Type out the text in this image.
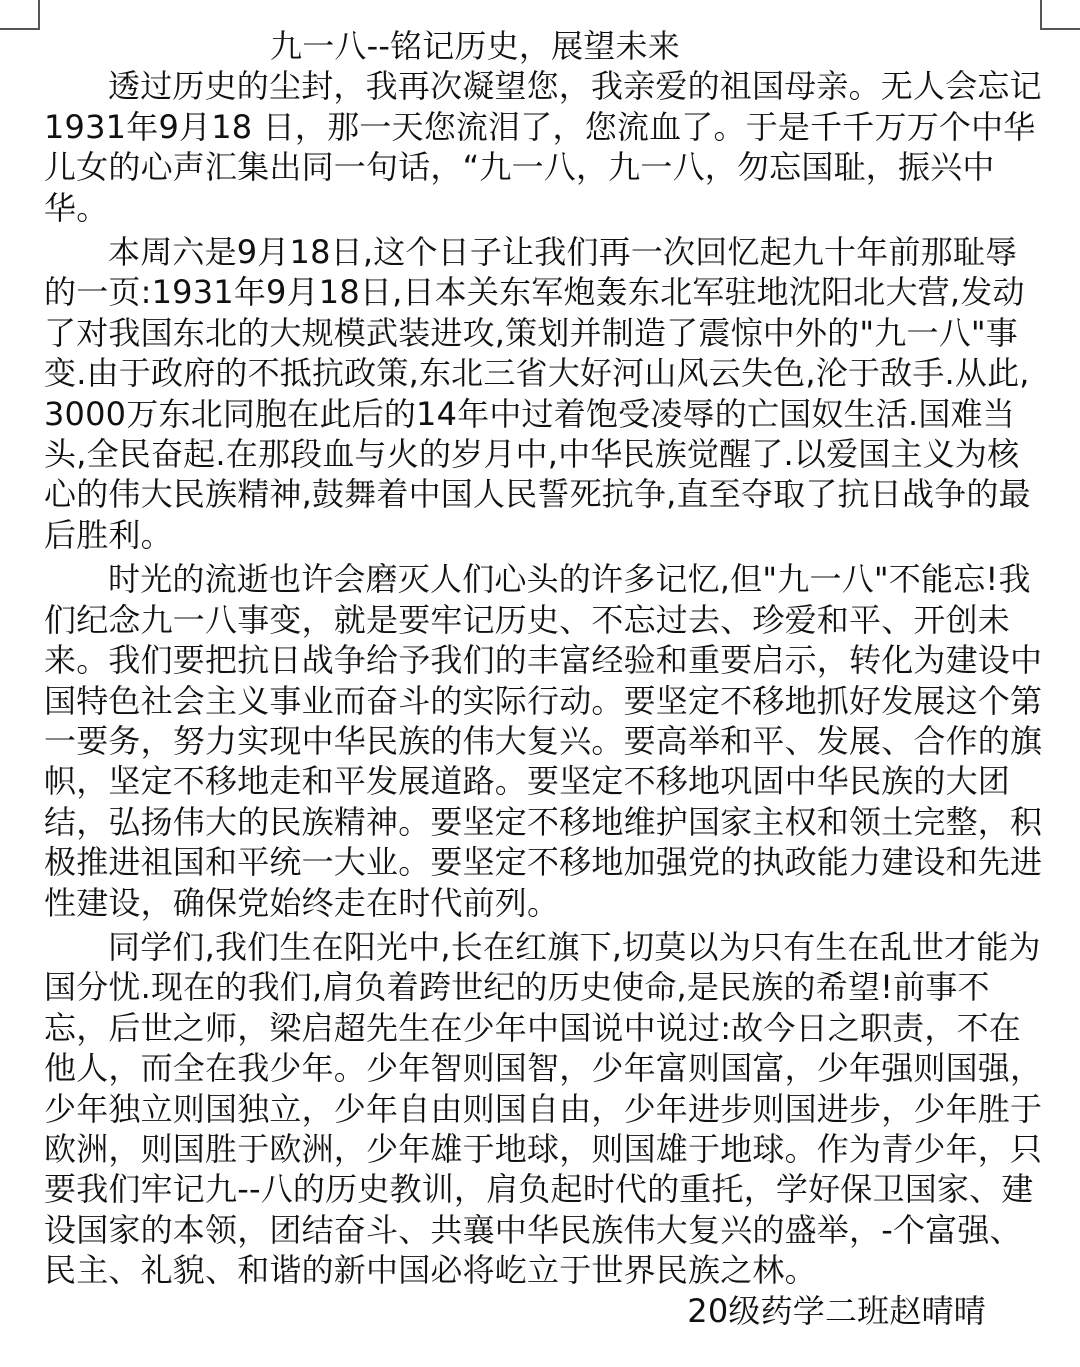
九一八--铭记历史，展望未来

透过历史的尘封，我再次凝望您，我亲爱的祖国母亲。无人会忘记1931年9月18 日，那一天您流泪了，您流血了。于是千千万万个中华儿女的心声汇集出同一句话，“九一八，九一八，勿忘国耻，振兴中华。

本周六是9月18日,这个日子让我们再一次回忆起九十年前那耻辱的一页:1931年9月18日,日本关东军炮轰东北军驻地沈阳北大营,发动了对我国东北的大规模武装进攻,策划并制造了震惊中外的"九一八"事变.由于政府的不抵抗政策,东北三省大好河山风云失色,沦于敌手.从此,3000万东北同胞在此后的14年中过着饱受凌辱的亡国奴生活.国难当头,全民奋起.在那段血与火的岁月中,中华民族觉醒了.以爱国主义为核心的伟大民族精神,鼓舞着中国人民誓死抗争,直至夺取了抗日战争的最后胜利。

时光的流逝也许会磨灭人们心头的许多记忆,但"九一八"不能忘!我们纪念九一八事变，就是要牢记历史、不忘过去、珍爱和平、开创未来。我们要把抗日战争给予我们的丰富经验和重要启示，转化为建设中国特色社会主义事业而奋斗的实际行动。要坚定不移地抓好发展这个第一要务，努力实现中华民族的伟大复兴。要高举和平、发展、合作的旗帜，坚定不移地走和平发展道路。要坚定不移地巩固中华民族的大团结，弘扬伟大的民族精神。要坚定不移地维护国家主权和领土完整，积极推进祖国和平统一大业。要坚定不移地加强党的执政能力建设和先进性建设，确保党始终走在时代前列。

同学们,我们生在阳光中,长在红旗下,切莫以为只有生在乱世才能为国分忧.现在的我们,肩负着跨世纪的历史使命,是民族的希望!前事不忘，后世之师，梁启超先生在少年中国说中说过:故今日之职责，不在他人，而全在我少年。少年智则国智，少年富则国富，少年强则国强，少年独立则国独立，少年自由则国自由，少年进步则国进步，少年胜于欧洲，则国胜于欧洲，少年雄于地球，则国雄于地球。作为青少年，只要我们牢记九--八的历史教训，肩负起时代的重托，学好保卫国家、建设国家的本领，团结奋斗、共襄中华民族伟大复兴的盛举，-个富强、民主、礼貌、和谐的新中国必将屹立于世界民族之林。

20级药学二班赵晴晴
